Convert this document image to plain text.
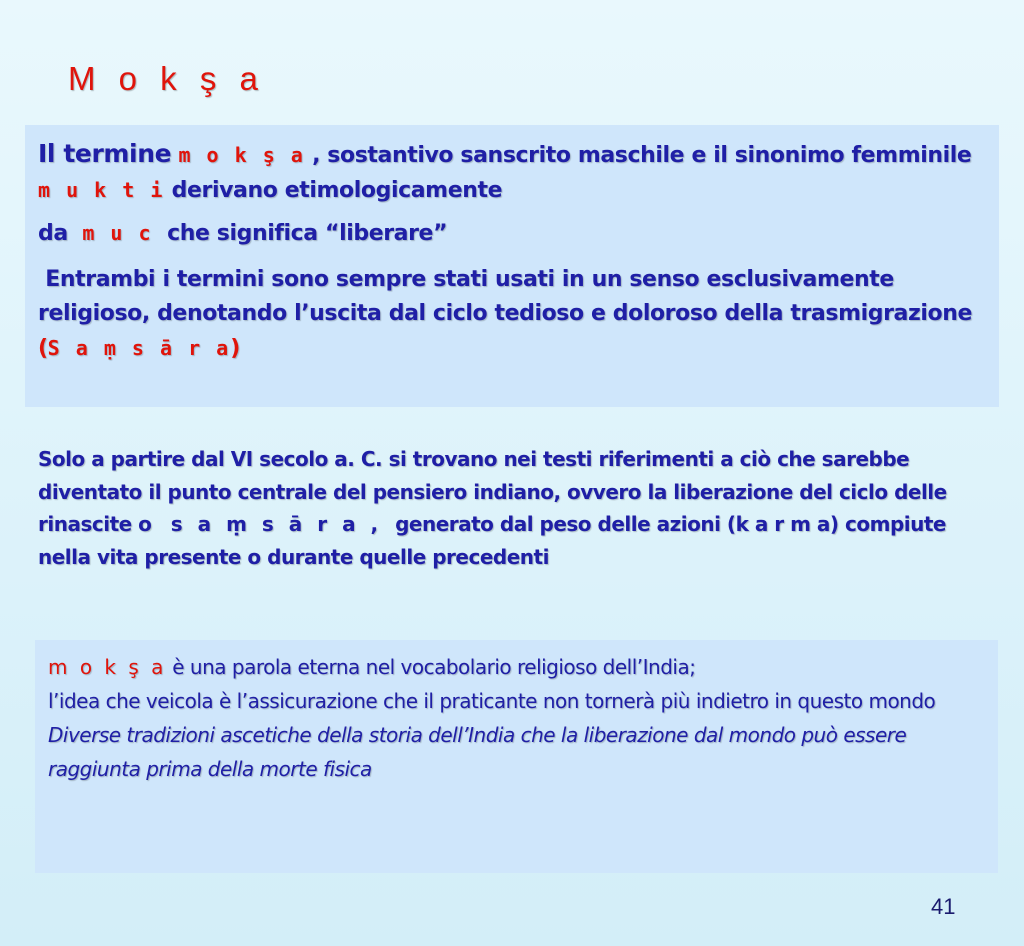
M o k ş a

Il termine m o k ş a , sostantivo sanscrito maschile e il sinonimo femminile m u k t i derivano etimologicamente

da m u c che significa “liberare”

Entrambi i termini sono sempre stati usati in un senso esclusivamente religioso, denotando l’uscita dal ciclo tedioso e doloroso della trasmigrazione (S a ṃ s ā r a)

Solo a partire dal VI secolo a. C. si trovano nei testi riferimenti a ciò che sarebbe diventato il punto centrale del pensiero indiano, ovvero la liberazione del ciclo delle rinascite o s a ṃ s ā r a , generato dal peso delle azioni (k a r m a) compiute nella vita presente o durante quelle precedenti

m o k ş a è una parola eterna nel vocabolario religioso dell’India;

l’idea che veicola è l’assicurazione che il praticante non tornerà più indietro in questo mondo

Diverse tradizioni ascetiche della storia dell’India che la liberazione dal mondo può essere raggiunta prima della morte fisica

41
